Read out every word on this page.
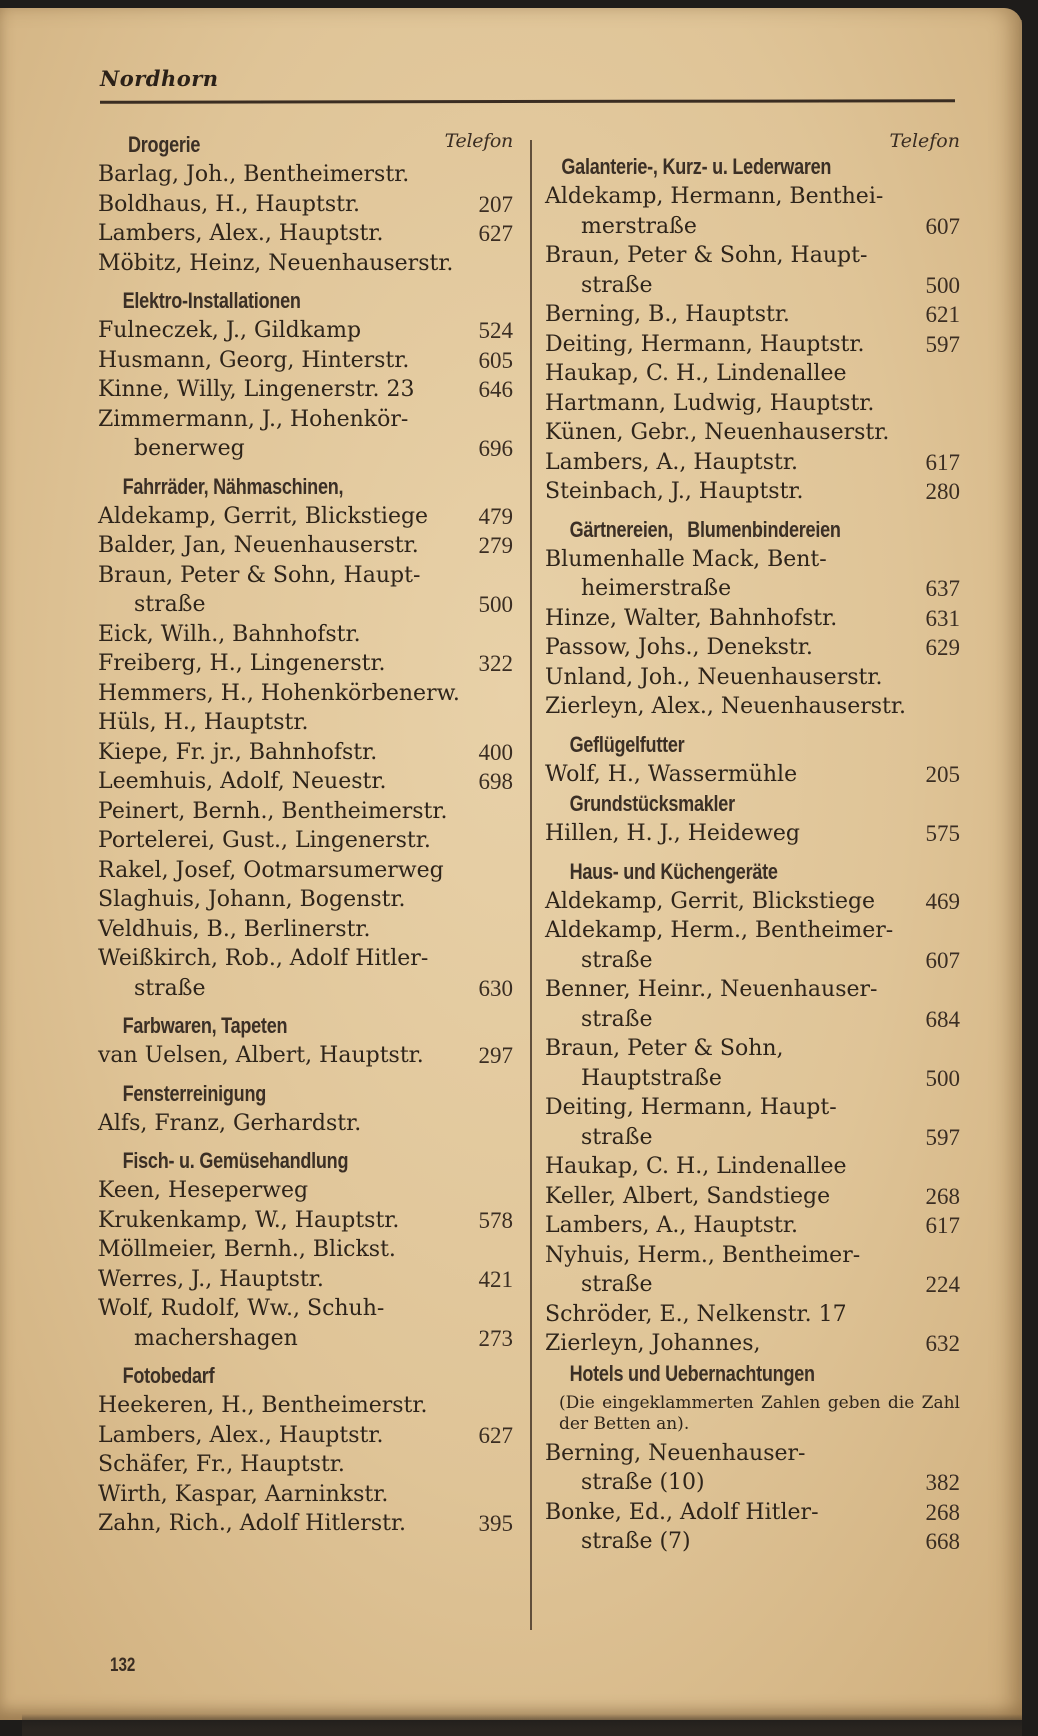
Nordhorn
Drogerie	Telefon
Barlag, Joh., Bentheimerstr.
Boldhaus, H., Hauptstr.	207
Lambers, Alex., Hauptstr.	627
Möbitz, Heinz, Neuenhauserstr.
Elektro-Installationen
Fulneczek, J., Gildkamp	524
Husmann, Georg, Hinterstr.	605
Kinne, Willy, Lingenerstr. 23	646
Zimmermann, J., Hohenkör-
benerweg	696
Fahrräder, Nähmaschinen,
Aldekamp, Gerrit, Blickstiege	479
Balder, Jan, Neuenhauserstr.	279
Braun, Peter & Sohn, Haupt-
straße	500
Eick, Wilh., Bahnhofstr.
Freiberg, H., Lingenerstr.	322
Hemmers, H., Hohenkörbenerw.
Hüls, H., Hauptstr.
Kiepe, Fr. jr., Bahnhofstr.	400
Leemhuis, Adolf, Neuestr.	698
Peinert, Bernh., Bentheimerstr.
Portelerei, Gust., Lingenerstr.
Rakel, Josef, Ootmarsumerweg
Slaghuis, Johann, Bogenstr.
Veldhuis, B., Berlinerstr.
Weißkirch, Rob., Adolf Hitler-
straße	630
Farbwaren, Tapeten
van Uelsen, Albert, Hauptstr.	297
Fensterreinigung
Alfs, Franz, Gerhardstr.
Fisch- u. Gemüsehandlung
Keen, Heseperweg
Krukenkamp, W., Hauptstr.	578
Möllmeier, Bernh., Blickst.
Werres, J., Hauptstr.	421
Wolf, Rudolf, Ww., Schuh-
machershagen	273
Fotobedarf
Heekeren, H., Bentheimerstr.
Lambers, Alex., Hauptstr.	627
Schäfer, Fr., Hauptstr.
Wirth, Kaspar, Aarninkstr.
Zahn, Rich., Adolf Hitlerstr.	395
Telefon
Galanterie-, Kurz- u. Lederwaren
Aldekamp, Hermann, Benthei-
merstraße	607
Braun, Peter & Sohn, Haupt-
straße	500
Berning, B., Hauptstr.	621
Deiting, Hermann, Hauptstr.	597
Haukap, C. H., Lindenallee
Hartmann, Ludwig, Hauptstr.
Künen, Gebr., Neuenhauserstr.
Lambers, A., Hauptstr.	617
Steinbach, J., Hauptstr.	280
Gärtnereien,   Blumenbindereien
Blumenhalle Mack, Bent-
heimerstraße	637
Hinze, Walter, Bahnhofstr.	631
Passow, Johs., Denekstr.	629
Unland, Joh., Neuenhauserstr.
Zierleyn, Alex., Neuenhauserstr.
Geflügelfutter
Wolf, H., Wassermühle	205
Grundstücksmakler
Hillen, H. J., Heideweg	575
Haus- und Küchengeräte
Aldekamp, Gerrit, Blickstiege	469
Aldekamp, Herm., Bentheimer-
straße	607
Benner, Heinr., Neuenhauser-
straße	684
Braun, Peter & Sohn,
Hauptstraße	500
Deiting, Hermann, Haupt-
straße	597
Haukap, C. H., Lindenallee
Keller, Albert, Sandstiege	268
Lambers, A., Hauptstr.	617
Nyhuis, Herm., Bentheimer-
straße	224
Schröder, E., Nelkenstr. 17
Zierleyn, Johannes,	632
Hotels und Uebernachtungen
(Die eingeklammerten Zahlen geben die Zahl der Betten an).
Berning, Neuenhauser-
straße (10)	382
Bonke, Ed., Adolf Hitler-	268
straße (7)	668
132
